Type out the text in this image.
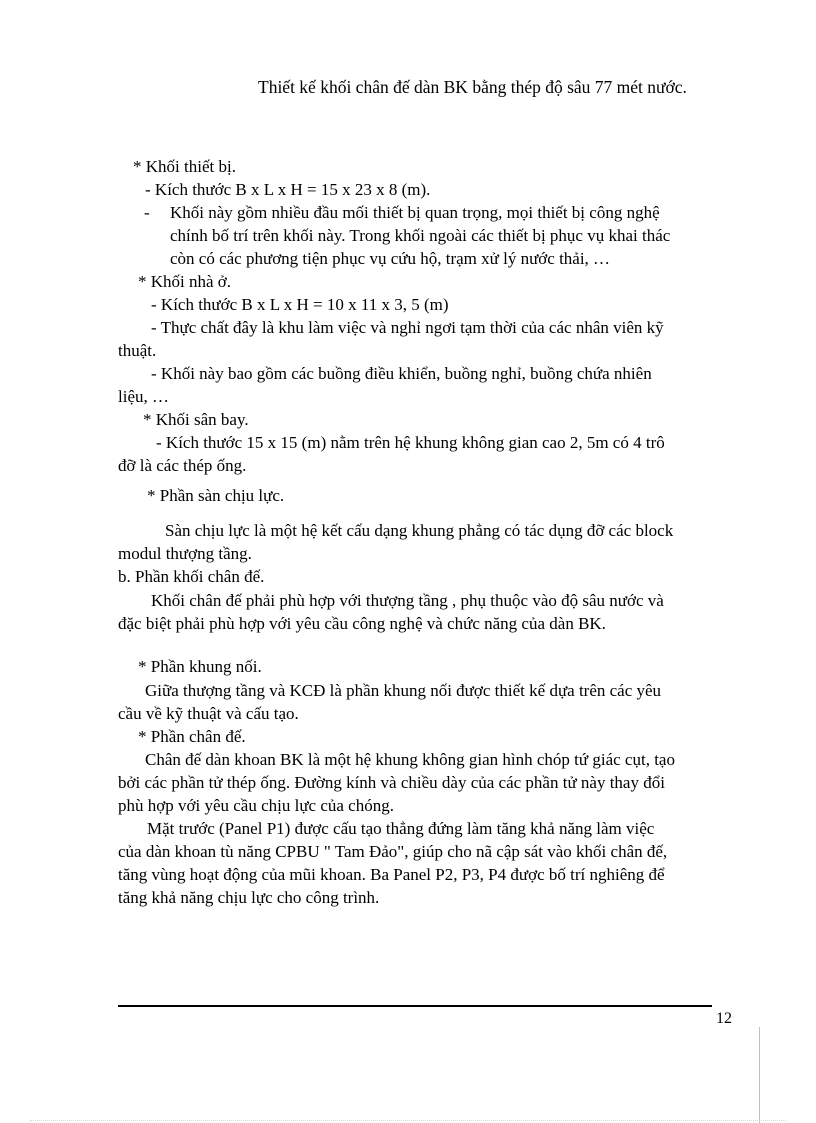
Thiết kế khối chân đế dàn BK bằng thép độ sâu 77 mét nước.
* Khối thiết bị.
- Kích thước B x L x H = 15 x 23 x 8 (m).
- Khối này gồm nhiều đầu mối thiết bị quan trọng, mọi thiết bị công nghệ
chính bố trí trên khối này. Trong khối ngoài các thiết bị phục vụ khai thác
còn có các phương tiện phục vụ cứu hộ, trạm xử lý nước thải, …
* Khối nhà ở.
- Kích thước B x L x H = 10 x 11 x 3, 5 (m)
- Thực chất đây là khu làm việc và nghỉ ngơi tạm thời của các nhân viên kỹ
thuật.
- Khối này bao gồm các buồng điều khiển, buồng nghỉ, buồng chứa nhiên
liệu, …
* Khối sân bay.
- Kích thước 15 x 15 (m) nằm trên hệ khung không gian cao 2, 5m có 4 trô
đỡ là các thép ống.
* Phần sàn chịu lực.
Sàn chịu lực là một hệ kết cấu dạng khung phẳng có tác dụng đỡ các block
modul thượng tầng.
b. Phần khối chân đế.
Khối chân đế phải phù hợp với thượng tầng , phụ thuộc vào độ sâu nước và
đặc biệt phải phù hợp với yêu cầu công nghệ và chức năng của dàn BK.
* Phần khung nối.
Giữa thượng tầng và KCĐ là phần khung nối được thiết kế dựa trên các yêu
cầu về kỹ thuật và cấu tạo.
* Phần chân đế.
Chân đế dàn khoan BK là một hệ khung không gian hình chóp tứ giác cụt, tạo
bởi các phần tử thép ống. Đường kính và chiều dày của các phần tử này thay đổi
phù hợp với yêu cầu chịu lực của chóng.
Mặt trước (Panel P1) được cấu tạo thẳng đứng làm tăng khả năng làm việc
của dàn khoan tù năng CPBU " Tam Đảo", giúp cho nã cập sát vào khối chân đế,
tăng vùng hoạt động của mũi khoan. Ba Panel P2, P3, P4 được bố trí nghiêng để
tăng khả năng chịu lực cho công trình.
12
